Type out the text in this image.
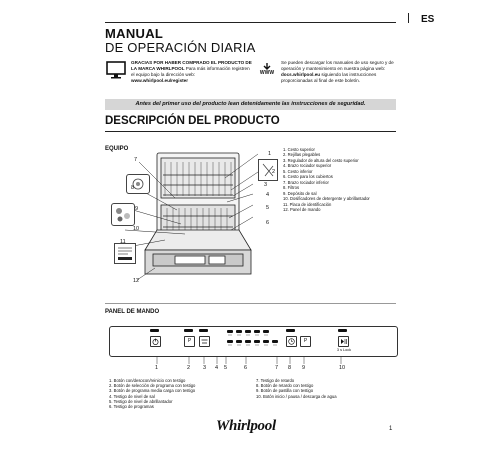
ES
MANUAL
DE OPERACIÓN DIARIA
GRACIAS POR HABER COMPRADO EL PRODUCTO DE LA MARCA WHIRLPOOL Para más información registren el equipo bajo la dirección web:
www.whirlpool.eu/register
WWW
Se pueden descargar los manuales de uso seguro y de operación y mantenimiento en nuestra página web: docs.whirlpool.eu siguiendo las instrucciones proporcionadas al final de este boletín.
Antes del primer uso del producto lean detenidamente las instrucciones de seguridad.
DESCRIPCIÓN DEL PRODUCTO
EQUIPO
1
2
3
4
5
6
7
8
9
10
11
12
1. Cesto superior
2. Rejillas plegables
3. Regulador de altura del cesto superior
4. Brazo rociador superior
5. Cesto inferior
6. Cesto para los cubiertos
7. Brazo rociador inferior
8. Filtros
9. Depósito de sal
10. Dosificadores de detergente y abrillantador
11. Placa de identificación
12. Panel de mando
PANEL DE MANDO
P	P
3 s Lock
1	2 3 4 5	6	7 8 9	10
1. Botón con/desocon/reinicio con testigo
2. Botón de selección de programa con testigo
3. Botón de programa media carga con testigo
4. Testigo de nivel de sal
5. Testigo de nivel de abrillantador
6. Testigo de programas
7. Testigo de retardo
8. Botón de retardo con testigo
9. Botón de pastilla con testigo
10. Botón inicio / pausa / descarga de agua
Whirlpool	1
